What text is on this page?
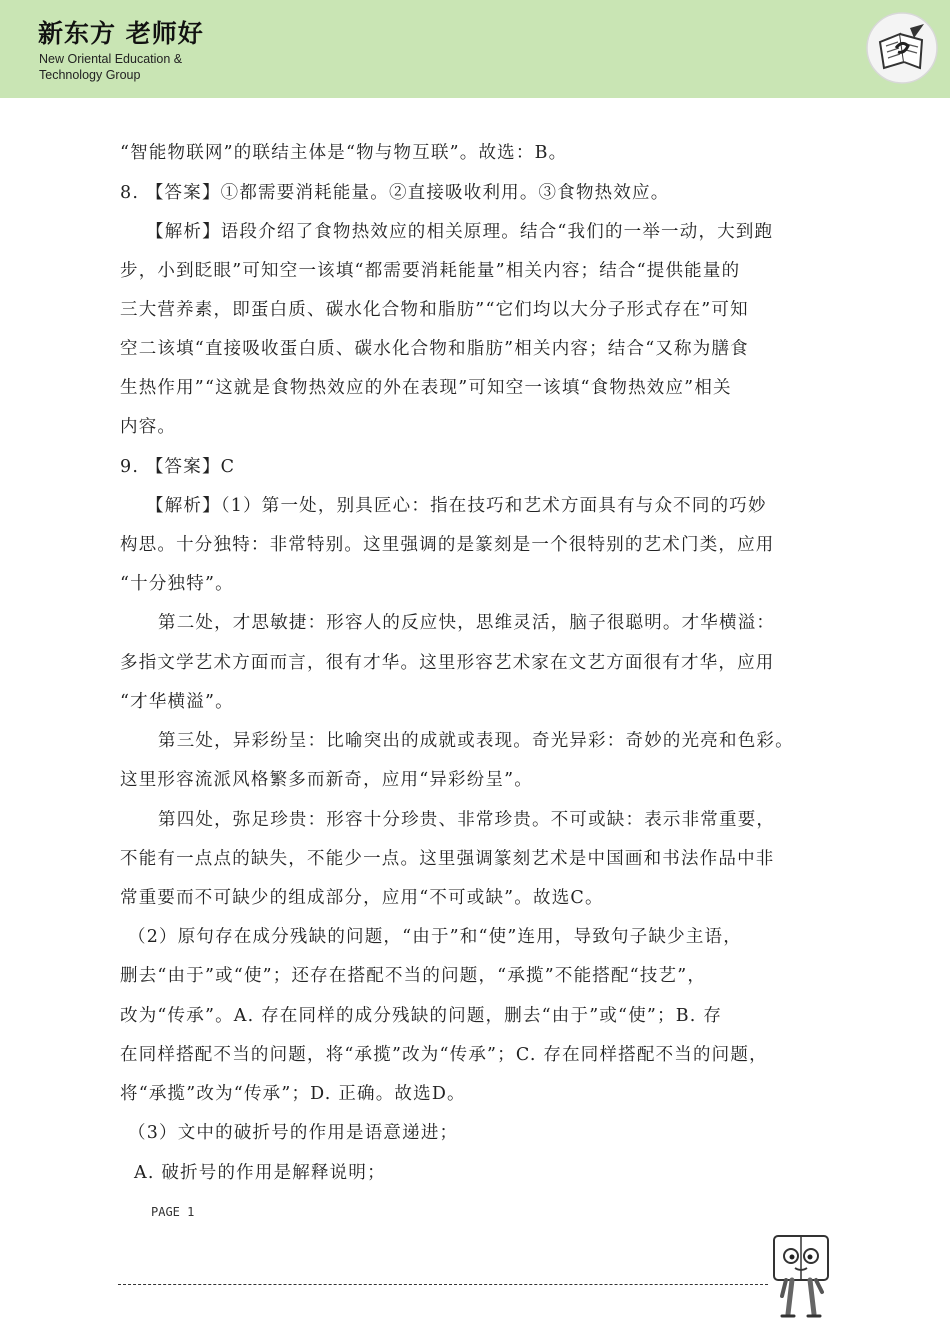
新东方 老师好
New Oriental Education &
Technology Group
“智能物联网”的联结主体是“物与物互联”。故选：B。
8. 【答案】①都需要消耗能量。②直接吸收利用。③食物热效应。
【解析】语段介绍了食物热效应的相关原理。结合“我们的一举一动，大到跑
步，小到眨眼”可知空一该填“都需要消耗能量”相关内容；结合“提供能量的
三大营养素，即蛋白质、碳水化合物和脂肪”“它们均以大分子形式存在”可知
空二该填“直接吸收蛋白质、碳水化合物和脂肪”相关内容；结合“又称为膳食
生热作用”“这就是食物热效应的外在表现”可知空一该填“食物热效应”相关
内容。
9. 【答案】C
【解析】（1）第一处，别具匠心：指在技巧和艺术方面具有与众不同的巧妙
构思。十分独特：非常特别。这里强调的是篆刻是一个很特别的艺术门类，应用
“十分独特”。
第二处，才思敏捷：形容人的反应快，思维灵活，脑子很聪明。才华横溢：
多指文学艺术方面而言，很有才华。这里形容艺术家在文艺方面很有才华，应用
“才华横溢”。
第三处，异彩纷呈：比喻突出的成就或表现。奇光异彩：奇妙的光亮和色彩。
这里形容流派风格繁多而新奇，应用“异彩纷呈”。
第四处，弥足珍贵：形容十分珍贵、非常珍贵。不可或缺：表示非常重要，
不能有一点点的缺失，不能少一点。这里强调篆刻艺术是中国画和书法作品中非
常重要而不可缺少的组成部分，应用“不可或缺”。故选C。
（2）原句存在成分残缺的问题，“由于”和“使”连用，导致句子缺少主语，
删去“由于”或“使”；还存在搭配不当的问题，“承揽”不能搭配“技艺”，
改为“传承”。A. 存在同样的成分残缺的问题，删去“由于”或“使”；B. 存
在同样搭配不当的问题，将“承揽”改为“传承”；C. 存在同样搭配不当的问题，
将“承揽”改为“传承”；D. 正确。故选D。
（3）文中的破折号的作用是语意递进；
A. 破折号的作用是解释说明；
PAGE 1
